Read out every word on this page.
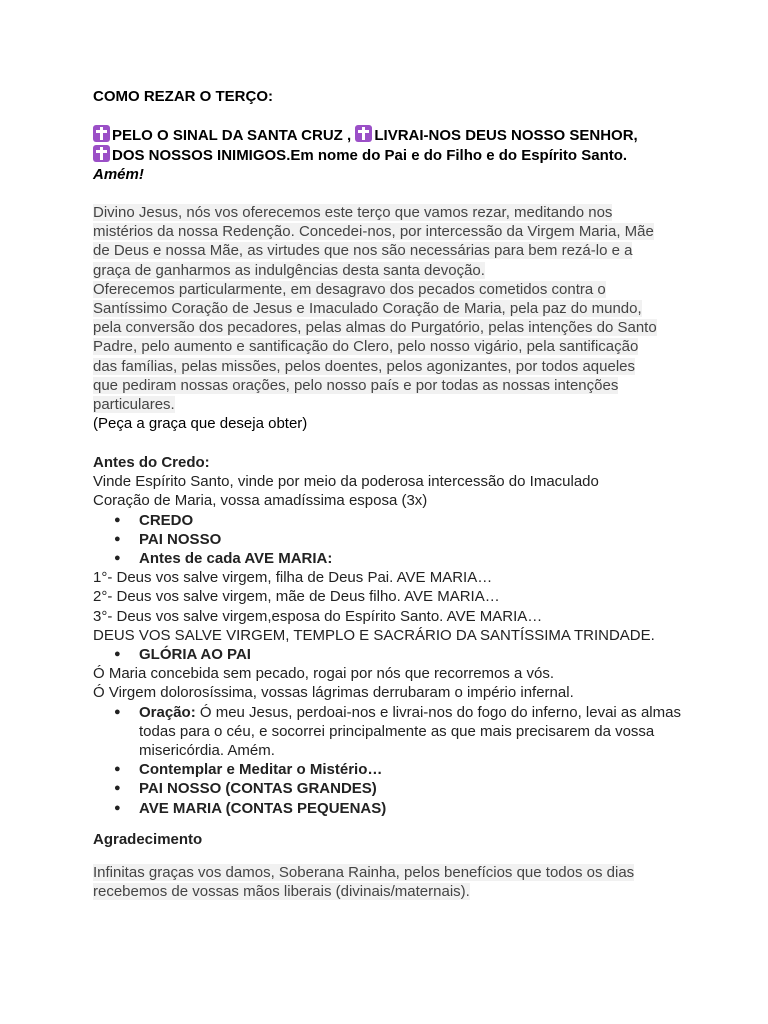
COMO REZAR O TERÇO:

PELO O SINAL DA SANTA CRUZ , LIVRAI-NOS DEUS NOSSO SENHOR,

DOS NOSSOS INIMIGOS.Em nome do Pai e do Filho e do Espírito Santo.

Amém!

Divino Jesus, nós vos oferecemos este terço que vamos rezar, meditando nos

mistérios da nossa Redenção. Concedei-nos, por intercessão da Virgem Maria, Mãe

de Deus e nossa Mãe, as virtudes que nos são necessárias para bem rezá-lo e a

graça de ganharmos as indulgências desta santa devoção.

Oferecemos particularmente, em desagravo dos pecados cometidos contra o

Santíssimo Coração de Jesus e Imaculado Coração de Maria, pela paz do mundo,

pela conversão dos pecadores, pelas almas do Purgatório, pelas intenções do Santo

Padre, pelo aumento e santificação do Clero, pelo nosso vigário, pela santificação

das famílias, pelas missões, pelos doentes, pelos agonizantes, por todos aqueles

que pediram nossas orações, pelo nosso país e por todas as nossas intenções

particulares.

(Peça a graça que deseja obter)

Antes do Credo:

Vinde Espírito Santo, vinde por meio da poderosa intercessão do Imaculado

Coração de Maria, vossa amadíssima esposa (3x)

● CREDO
● PAI NOSSO
● Antes de cada AVE MARIA:

1°- Deus vos salve virgem, filha de Deus Pai. AVE MARIA…

2°- Deus vos salve virgem, mãe de Deus filho. AVE MARIA…

3°- Deus vos salve virgem,esposa do Espírito Santo. AVE MARIA…

DEUS VOS SALVE VIRGEM, TEMPLO E SACRÁRIO DA SANTÍSSIMA TRINDADE.

● GLÓRIA AO PAI

Ó Maria concebida sem pecado, rogai por nós que recorremos a vós.

Ó Virgem dolorosíssima, vossas lágrimas derrubaram o império infernal.

● Oração: Ó meu Jesus, perdoai-nos e livrai-nos do fogo do inferno, levai as almas todas para o céu, e socorrei principalmente as que mais precisarem da vossa misericórdia. Amém.
● Contemplar e Meditar o Mistério…
● PAI NOSSO (CONTAS GRANDES)
● AVE MARIA (CONTAS PEQUENAS)

Agradecimento

Infinitas graças vos damos, Soberana Rainha, pelos benefícios que todos os dias

recebemos de vossas mãos liberais (divinais/maternais).
